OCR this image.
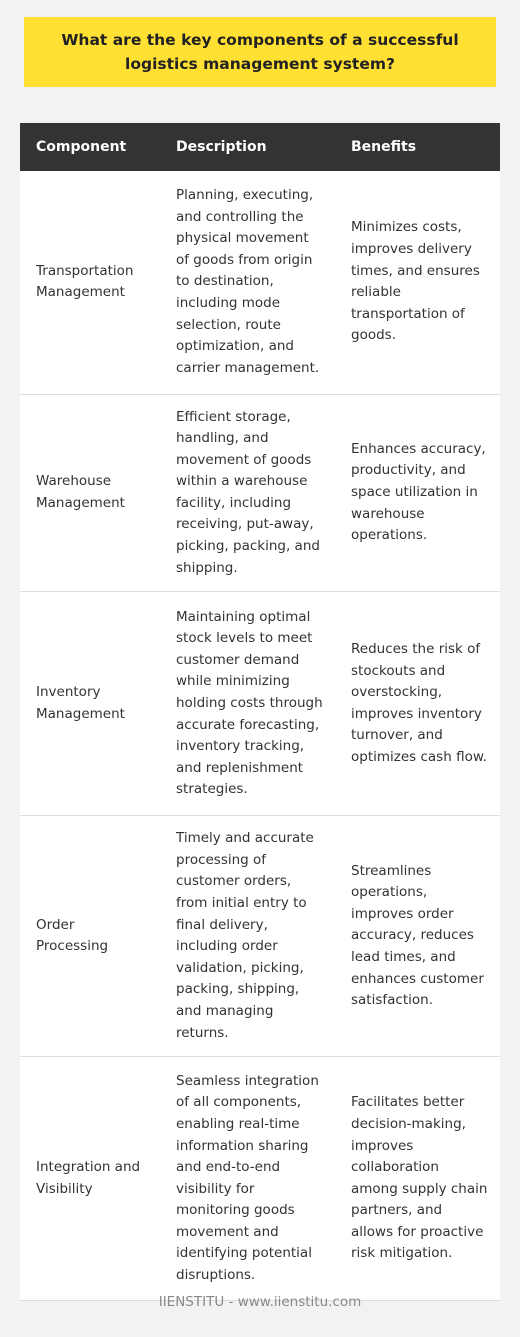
What are the key components of a successful logistics management system?
Component	Description	Benefits
Transportation Management	Planning, executing, and controlling the physical movement of goods from origin to destination, including mode selection, route optimization, and carrier management.	Minimizes costs, improves delivery times, and ensures reliable transportation of goods.
Warehouse Management	Efficient storage, handling, and movement of goods within a warehouse facility, including receiving, put-away, picking, packing, and shipping.	Enhances accuracy, productivity, and space utilization in warehouse operations.
Inventory Management	Maintaining optimal stock levels to meet customer demand while minimizing holding costs through accurate forecasting, inventory tracking, and replenishment strategies.	Reduces the risk of stockouts and overstocking, improves inventory turnover, and optimizes cash flow.
Order Processing	Timely and accurate processing of customer orders, from initial entry to final delivery, including order validation, picking, packing, shipping, and managing returns.	Streamlines operations, improves order accuracy, reduces lead times, and enhances customer satisfaction.
Integration and Visibility	Seamless integration of all components, enabling real-time information sharing and end-to-end visibility for monitoring goods movement and identifying potential disruptions.	Facilitates better decision-making, improves collaboration among supply chain partners, and allows for proactive risk mitigation.
IIENSTITU - www.iienstitu.com
